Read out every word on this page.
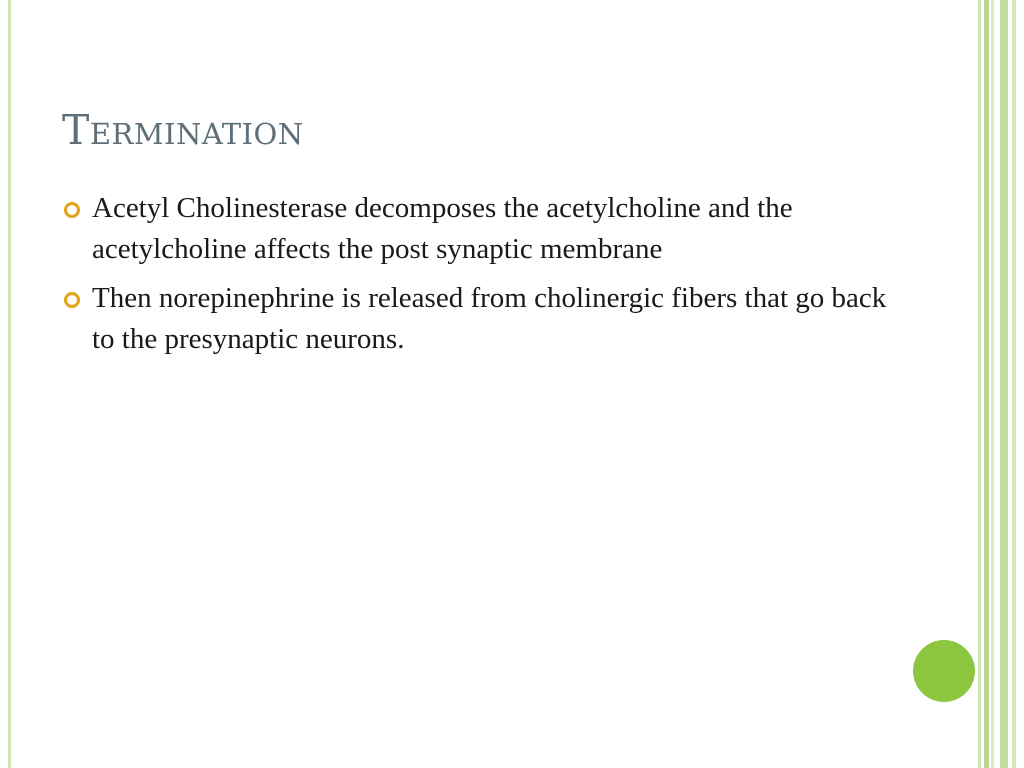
Termination
Acetyl Cholinesterase decomposes the acetylcholine and the acetylcholine affects the post synaptic membrane
Then norepinephrine is released from cholinergic fibers that go back to the presynaptic neurons.
